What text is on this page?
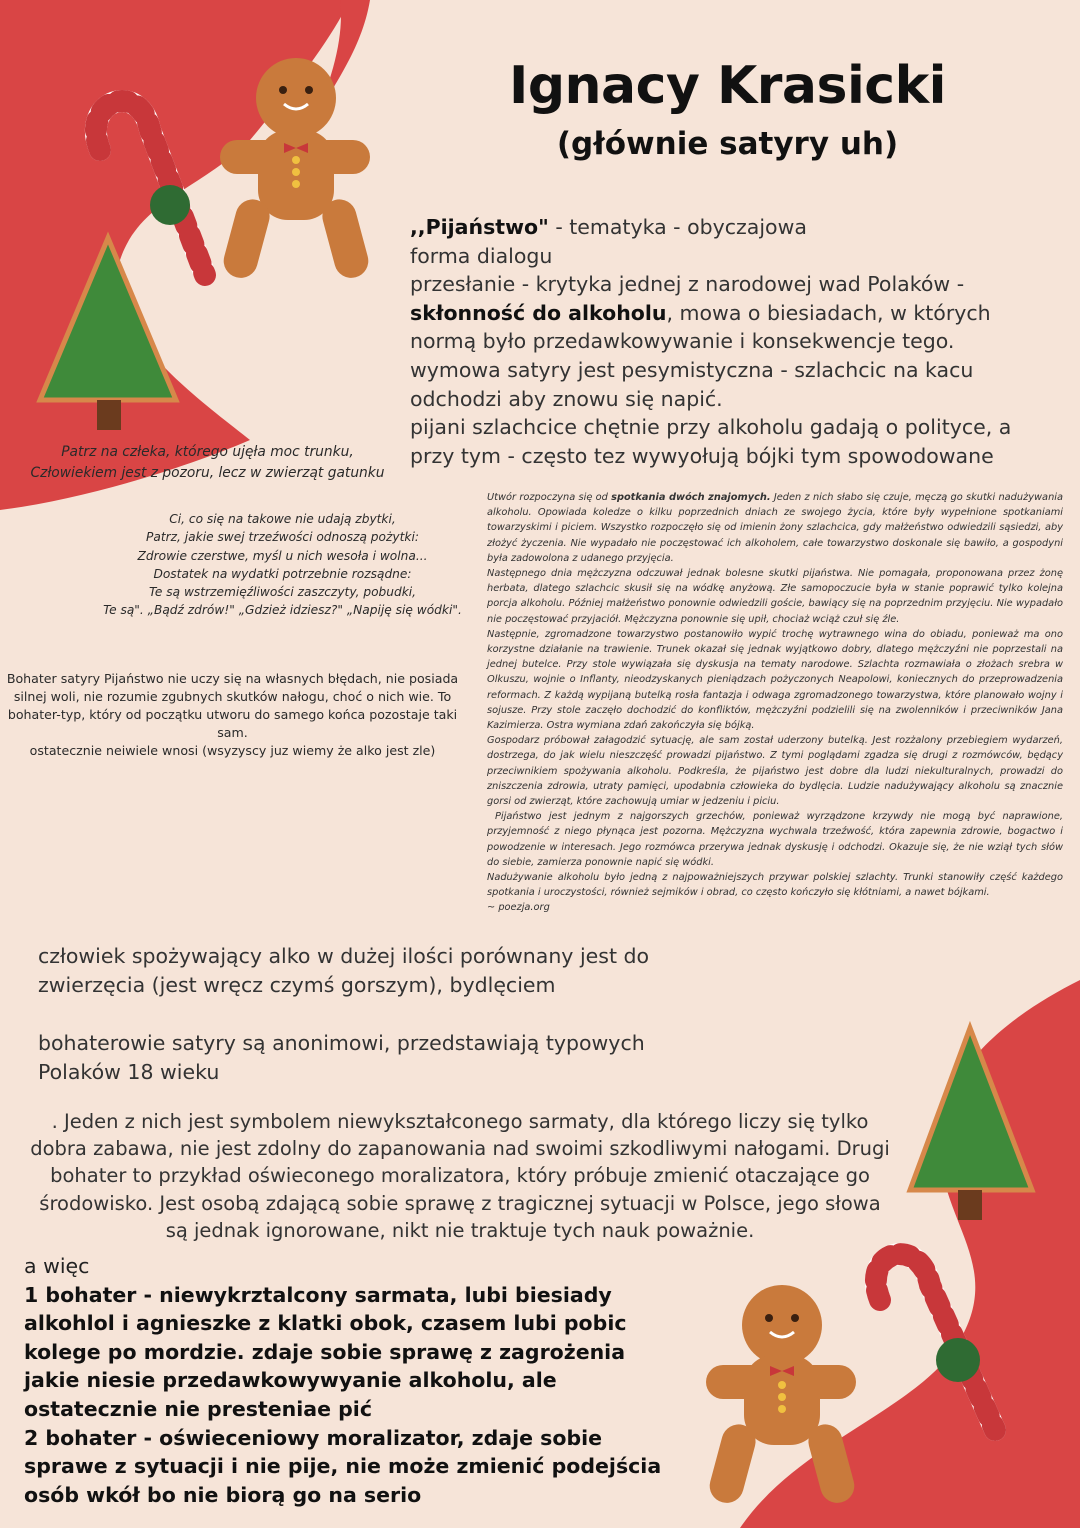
Ignacy Krasicki
(głównie satyry uh)
,,Pijaństwo" - tematyka - obyczajowa
forma dialogu
przesłanie - krytyka jednej z narodowej wad Polaków -
skłonność do alkoholu, mowa o biesiadach, w których normą było przedawkowywanie i konsekwencje tego. wymowa satyry jest pesymistyczna - szlachcic na kacu odchodzi aby znowu się napić.
pijani szlachcice chętnie przy alkoholu gadają o polityce, a przy tym - często tez wywyołują bójki tym spowodowane
Patrz na człeka, którego ujęła moc trunku,
Człowiekiem jest z pozoru, lecz w zwierząt gatunku
Ci, co się na takowe nie udają zbytki,
Patrz, jakie swej trzeźwości odnoszą pożytki:
Zdrowie czerstwe, myśl u nich wesoła i wolna...
Dostatek na wydatki potrzebnie rozsądne:
Te są wstrzemięźliwości zaszczyty, pobudki,
Te są". „Bądź zdrów!" „Gdzież idziesz?" „Napiję się wódki".
Bohater satyry Pijaństwo nie uczy się na własnych błędach, nie posiada silnej woli, nie rozumie zgubnych skutków nałogu, choć o nich wie. To bohater-typ, który od początku utworu do samego końca pozostaje taki sam.
ostatecznie neiwiele wnosi (wsyzyscy juz wiemy że alko jest zle)

Utwór rozpoczyna się od spotkania dwóch znajomych. Jeden z nich słabo się czuje, męczą go skutki nadużywania alkoholu. Opowiada koledze o kilku poprzednich dniach ze swojego życia, które były wypełnione spotkaniami towarzyskimi i piciem. Wszystko rozpoczęło się od imienin żony szlachcica, gdy małżeństwo odwiedzili sąsiedzi, aby złożyć życzenia. Nie wypadało nie poczęstować ich alkoholem, całe towarzystwo doskonale się bawiło, a gospodyni była zadowolona z udanego przyjęcia.

Następnego dnia mężczyzna odczuwał jednak bolesne skutki pijaństwa. Nie pomagała, proponowana przez żonę herbata, dlatego szlachcic skusił się na wódkę anyżową. Złe samopoczucie była w stanie poprawić tylko kolejna porcja alkoholu. Później małżeństwo ponownie odwiedzili goście, bawiący się na poprzednim przyjęciu. Nie wypadało nie poczęstować przyjaciół. Mężczyzna ponownie się upił, chociaż wciąż czuł się źle.

Następnie, zgromadzone towarzystwo postanowiło wypić trochę wytrawnego wina do obiadu, ponieważ ma ono korzystne działanie na trawienie. Trunek okazał się jednak wyjątkowo dobry, dlatego mężczyźni nie poprzestali na jednej butelce. Przy stole wywiązała się dyskusja na tematy narodowe. Szlachta rozmawiała o złożach srebra w Olkuszu, wojnie o Inflanty, nieodzyskanych pieniądzach pożyczonych Neapolowi, koniecznych do przeprowadzenia reformach. Z każdą wypijaną butelką rosła fantazja i odwaga zgromadzonego towarzystwa, które planowało wojny i sojusze. Przy stole zaczęło dochodzić do konfliktów, mężczyźni podzielili się na zwolenników i przeciwników Jana Kazimierza. Ostra wymiana zdań zakończyła się bójką.

Gospodarz próbował załagodzić sytuację, ale sam został uderzony butelką. Jest rozżalony przebiegiem wydarzeń, dostrzega, do jak wielu nieszczęść prowadzi pijaństwo. Z tymi poglądami zgadza się drugi z rozmówców, będący przeciwnikiem spożywania alkoholu. Podkreśla, że pijaństwo jest dobre dla ludzi niekulturalnych, prowadzi do zniszczenia zdrowia, utraty pamięci, upodabnia człowieka do bydlęcia. Ludzie nadużywający alkoholu są znacznie gorsi od zwierząt, które zachowują umiar w jedzeniu i piciu.

Pijaństwo jest jednym z najgorszych grzechów, ponieważ wyrządzone krzywdy nie mogą być naprawione, przyjemność z niego płynąca jest pozorna. Mężczyzna wychwala trzeźwość, która zapewnia zdrowie, bogactwo i powodzenie w interesach. Jego rozmówca przerywa jednak dyskusję i odchodzi. Okazuje się, że nie wziął tych słów do siebie, zamierza ponownie napić się wódki.

Nadużywanie alkoholu było jedną z najpoważniejszych przywar polskiej szlachty. Trunki stanowiły część każdego spotkania i uroczystości, również sejmików i obrad, co często kończyło się kłótniami, a nawet bójkami.

~ poezja.org

człowiek spożywający alko w dużej ilości porównany jest do zwierzęcia (jest wręcz czymś gorszym), bydlęciem

bohaterowie satyry są anonimowi, przedstawiają typowych Polaków 18 wieku

. Jeden z nich jest symbolem niewykształconego sarmaty, dla którego liczy się tylko dobra zabawa, nie jest zdolny do zapanowania nad swoimi szkodliwymi nałogami. Drugi bohater to przykład oświeconego moralizatora, który próbuje zmienić otaczające go środowisko. Jest osobą zdającą sobie sprawę z tragicznej sytuacji w Polsce, jego słowa są jednak ignorowane, nikt nie traktuje tych nauk poważnie.
a więc
1 bohater - niewykrztalcony sarmata, lubi biesiady alkohlol i agnieszke z klatki obok, czasem lubi pobic kolege po mordzie. zdaje sobie sprawę z zagrożenia jakie niesie przedawkowywyanie alkoholu, ale ostatecznie nie presteniae pić
2 bohater - oświeceniowy moralizator, zdaje sobie sprawe z sytuacji i nie pije, nie może zmienić podejścia osób wkół bo nie biorą go na serio
